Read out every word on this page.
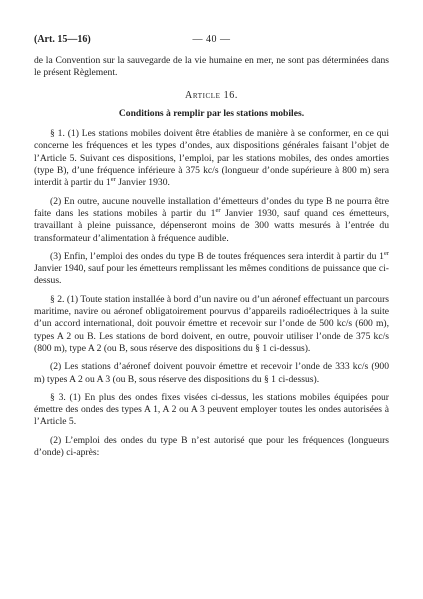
(Art. 15—16)	— 40 —

de la Convention sur la sauvegarde de la vie humaine en mer, ne sont pas déterminées dans le présent Règlement.

Article 16.
Conditions à remplir par les stations mobiles.

§ 1. (1) Les stations mobiles doivent être établies de manière à se conformer, en ce qui concerne les fréquences et les types d’ondes, aux dispositions générales faisant l’objet de l’Article 5. Suivant ces dispositions, l’emploi, par les stations mobiles, des ondes amorties (type B), d’une fréquence inférieure à 375 kc/s (longueur d’onde supérieure à 800 m) sera interdit à partir du 1er Janvier 1930.

(2) En outre, aucune nouvelle installation d’émetteurs d’ondes du type B ne pourra être faite dans les stations mobiles à partir du 1er Janvier 1930, sauf quand ces émetteurs, travaillant à pleine puissance, dépenseront moins de 300 watts mesurés à l’entrée du transformateur d’alimentation à fréquence audible.

(3) Enfin, l’emploi des ondes du type B de toutes fréquences sera interdit à partir du 1er Janvier 1940, sauf pour les émetteurs remplissant les mêmes conditions de puissance que ci-dessus.

§ 2. (1) Toute station installée à bord d’un navire ou d’un aéronef effectuant un parcours maritime, navire ou aéronef obligatoirement pourvus d’appareils radioélectriques à la suite d’un accord international, doit pouvoir émettre et recevoir sur l’onde de 500 kc/s (600 m), types A 2 ou B. Les stations de bord doivent, en outre, pouvoir utiliser l’onde de 375 kc/s (800 m), type A 2 (ou B, sous réserve des dispositions du § 1 ci-dessus).

(2) Les stations d’aéronef doivent pouvoir émettre et recevoir l’onde de 333 kc/s (900 m) types A 2 ou A 3 (ou B, sous réserve des dispositions du § 1 ci-dessus).

§ 3. (1) En plus des ondes fixes visées ci-dessus, les stations mobiles équipées pour émettre des ondes des types A 1, A 2 ou A 3 peuvent employer toutes les ondes autorisées à l’Article 5.

(2) L’emploi des ondes du type B n’est autorisé que pour les fréquences (longueurs d’onde) ci-après:
